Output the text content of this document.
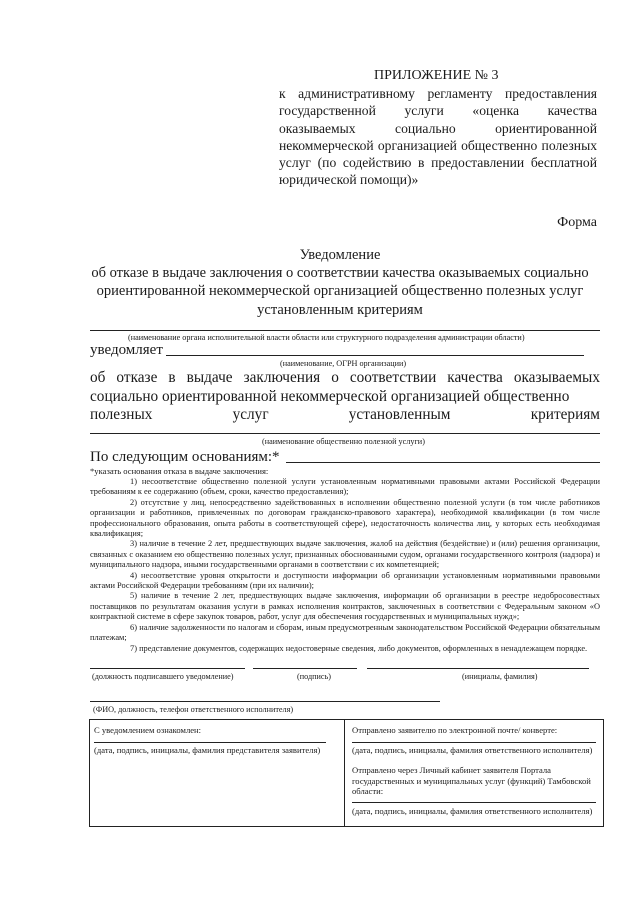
ПРИЛОЖЕНИЕ № 3
к административному регламенту предоставления государственной услуги «оценка качества оказываемых социально ориентированной некоммерческой организацией общественно полезных услуг (по содействию в предоставлении бесплатной юридической помощи)»
Форма
Уведомление
об отказе в выдаче заключения о соответствии качества оказываемых социально ориентированной некоммерческой организацией общественно полезных услуг установленным критериям
(наименование органа исполнительной власти области или структурного подразделения администрации области)
уведомляет
(наименование, ОГРН организации)
об отказе в выдаче заключения о соответствии качества оказываемых социально ориентированной некоммерческой организацией общественно
полезных	услуг	установленным	критериям
(наименование общественно полезной услуги)
По следующим основаниям:*
*указать основания отказа в выдаче заключения:

1) несоответствие общественно полезной услуги установленным нормативными правовыми актами Российской Федерации требованиям к ее содержанию (объем, сроки, качество предоставления);

2) отсутствие у лиц, непосредственно задействованных в исполнении общественно полезной услуги (в том числе работников организации и работников, привлеченных по договорам гражданско-правового характера), необходимой квалификации (в том числе профессионального образования, опыта работы в соответствующей сфере), недостаточность количества лиц, у которых есть необходимая квалификация;

3) наличие в течение 2 лет, предшествующих выдаче заключения, жалоб на действия (бездействие) и (или) решения организации, связанных с оказанием ею общественно полезных услуг, признанных обоснованными судом, органами государственного контроля (надзора) и муниципального надзора, иными государственными органами в соответствии с их компетенцией;

4) несоответствие уровня открытости и доступности информации об организации установленным нормативными правовыми актами Российской Федерации требованиям (при их наличии);

5) наличие в течение 2 лет, предшествующих выдаче заключения, информации об организации в реестре недобросовестных поставщиков по результатам оказания услуги в рамках исполнения контрактов, заключенных в соответствии с Федеральным законом «О контрактной системе в сфере закупок товаров, работ, услуг для обеспечения государственных и муниципальных нужд»;

6) наличие задолженности по налогам и сборам, иным предусмотренным законодательством Российской Федерации обязательным платежам;

7) представление документов, содержащих недостоверные сведения, либо документов, оформленных в ненадлежащем порядке.

(должность подписавшего уведомление)	(подпись)	(инициалы, фамилия)
(ФИО, должность, телефон ответственного исполнителя)
С уведомлением ознакомлен:
(дата, подпись, инициалы, фамилия представителя заявителя)
Отправлено заявителю по электронной почте/ конверте:
(дата, подпись, инициалы, фамилия ответственного исполнителя)
Отправлено через Личный кабинет заявителя Портала государственных и муниципальных услуг (функций) Тамбовской области:
(дата, подпись, инициалы, фамилия ответственного исполнителя)
